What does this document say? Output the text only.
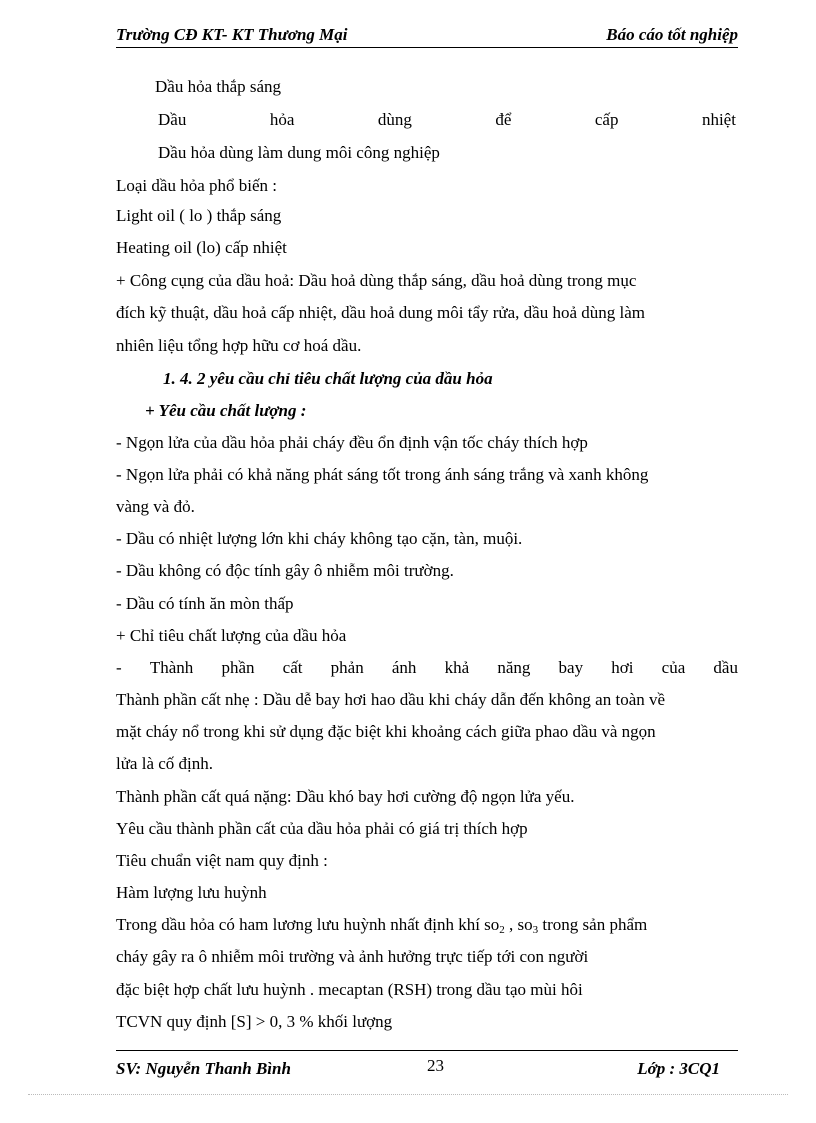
Trường CĐ KT- KT Thương Mại	Báo cáo tốt nghiệp
Dầu hỏa thắp sáng
Dầu	hỏa	dùng	để	cấp	nhiệt
Dầu hỏa dùng làm dung môi công nghiệp
Loại dầu hỏa phổ biến :
Light oil ( lo ) thắp sáng
Heating oil (lo) cấp nhiệt
+ Công cụng của dầu hoả: Dầu hoả dùng thắp sáng, dầu hoả dùng trong mục
đích kỹ thuật, dầu hoả cấp nhiệt, dầu hoả dung môi tẩy rửa, dầu hoả dùng làm
nhiên liệu tổng hợp hữu cơ hoá dầu.
1. 4. 2 yêu cầu chỉ tiêu chất lượng của dầu hỏa
+ Yêu cầu chất lượng :
- Ngọn lửa của dầu hỏa phải cháy đều ổn định vận tốc cháy thích hợp
- Ngọn lửa phải có khả năng phát sáng tốt trong ánh sáng trắng và xanh không
vàng và đỏ.
- Dầu có nhiệt lượng lớn khi cháy không tạo cặn, tàn, muội.
- Dầu không có độc tính gây ô nhiễm môi trường.
- Dầu có tính ăn mòn thấp
+ Chỉ tiêu chất lượng của dầu hỏa
- Thành phần cất phản ánh khả năng bay hơi của dầu
Thành phần cất nhẹ : Dầu dễ bay hơi hao dầu khi cháy dẫn đến không an toàn về
mặt cháy nổ trong khi sử dụng đặc biệt khi khoảng cách giữa phao dầu và ngọn
lửa là cố định.
Thành phần cất quá nặng: Dầu khó bay hơi cường độ ngọn lửa yếu.
Yêu cầu thành phần cất của dầu hỏa phải có giá trị thích hợp
Tiêu chuẩn việt nam quy định :
Hàm lượng lưu huỳnh
Trong dầu hỏa có ham lương lưu huỳnh nhất định khí $so_2$ , $so_3$ trong sản phẩm
cháy gây ra ô nhiễm môi trường và ảnh hưởng trực tiếp tới con người
đặc biệt hợp chất lưu huỳnh . mecaptan (RSH) trong dầu tạo mùi hôi
TCVN quy định [S] > 0, 3 % khối lượng
SV: Nguyễn Thanh Bình	23	Lớp : 3CQ1
